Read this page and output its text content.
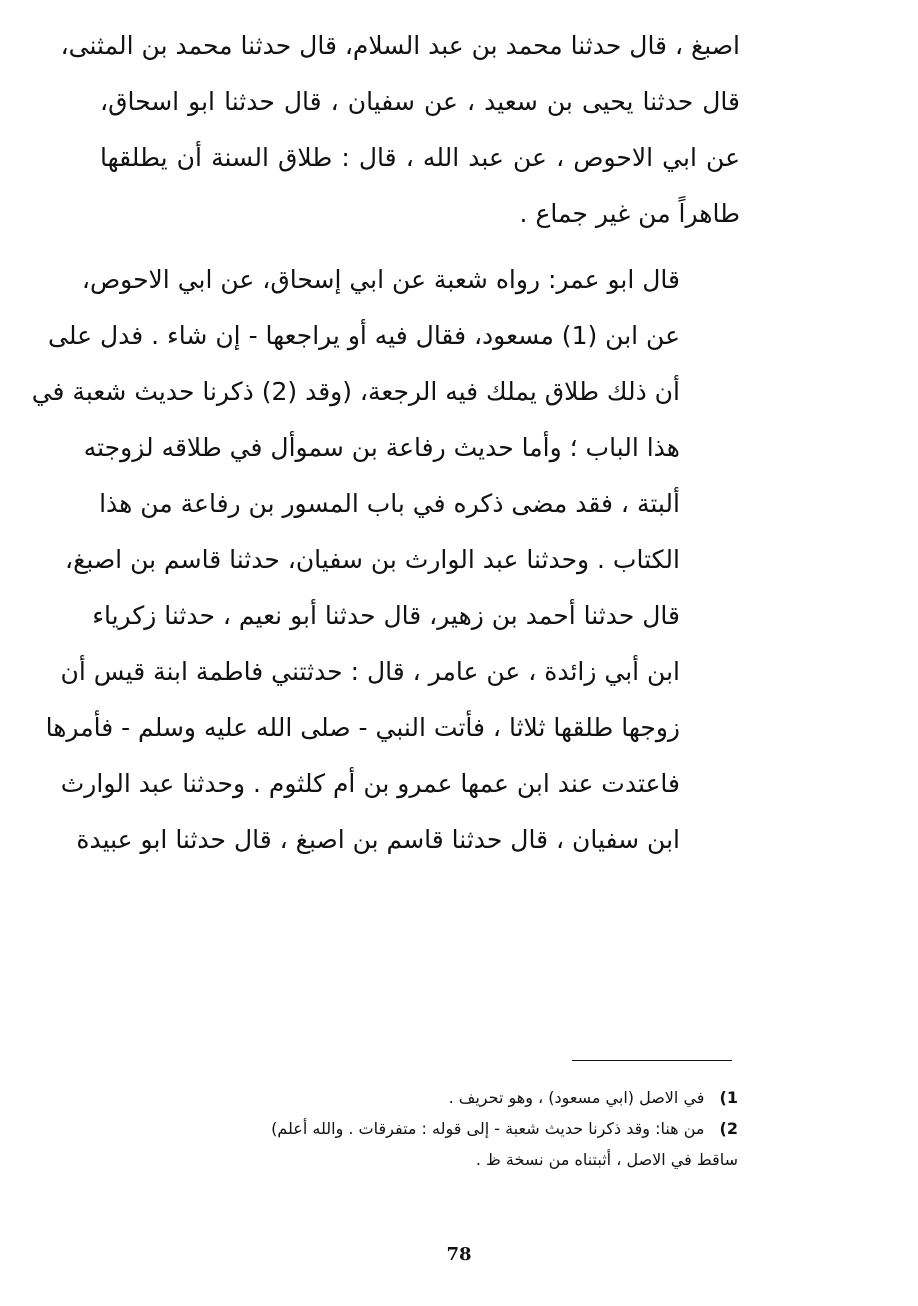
اصبغ ، قال حدثنا محمد بن عبد السلام، قال حدثنا محمد بن المثنى،
قال حدثنا يحيى بن سعيد ، عن سفيان ، قال حدثنا ابو اسحاق،
عن ابي الاحوص ، عن عبد الله ، قال : طلاق السنة أن يطلقها
طاهراً من غير جماع .
قال ابو عمر: رواه شعبة عن ابي إسحاق، عن ابي الاحوص،
عن ابن (1) مسعود، فقال فيه أو يراجعها - إن شاء . فدل على
أن ذلك طلاق يملك فيه الرجعة، (وقد (2) ذكرنا حديث شعبة في
هذا الباب ؛ وأما حديث رفاعة بن سموأل في طلاقه لزوجته
ألبتة ، فقد مضى ذكره في باب المسور بن رفاعة من هذا
الكتاب . وحدثنا عبد الوارث بن سفيان، حدثنا قاسم بن اصبغ،
قال حدثنا أحمد بن زهير، قال حدثنا أبو نعيم ، حدثنا زكرياء
ابن أبي زائدة ، عن عامر ، قال : حدثتني فاطمة ابنة قيس أن
زوجها طلقها ثلاثا ، فأتت النبي - صلى الله عليه وسلم - فأمرها
فاعتدت عند ابن عمها عمرو بن أم كلثوم . وحدثنا عبد الوارث
ابن سفيان ، قال حدثنا قاسم بن اصبغ ، قال حدثنا ابو عبيدة
1) في الاصل (ابي مسعود) ، وهو تحريف .
2) من هنا: وقد ذكرنا حديث شعبة - إلى قوله : متفرقات . والله أعلم)
ساقط في الاصل ، أثبتناه من نسخة ظ .
78
